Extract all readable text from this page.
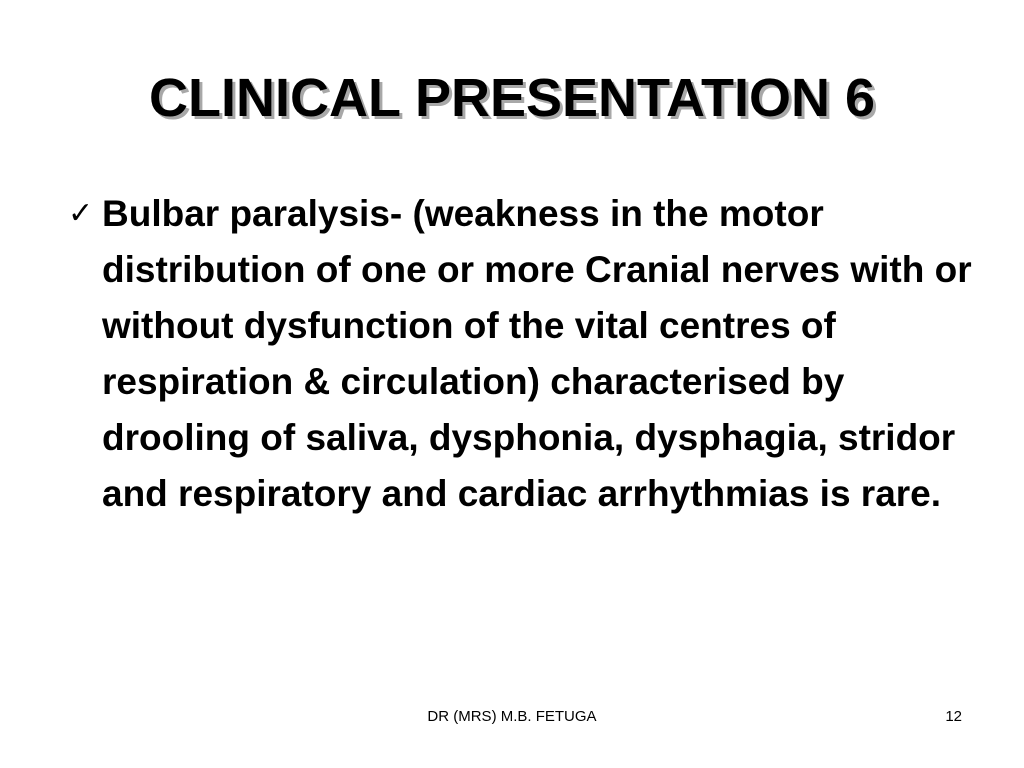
CLINICAL PRESENTATION 6
✓ Bulbar paralysis- (weakness in the motor distribution of one or more Cranial nerves with or without dysfunction of the vital centres of respiration & circulation) characterised by drooling of saliva, dysphonia, dysphagia, stridor and respiratory and cardiac arrhythmias is rare.
DR (MRS) M.B. FETUGA	12
